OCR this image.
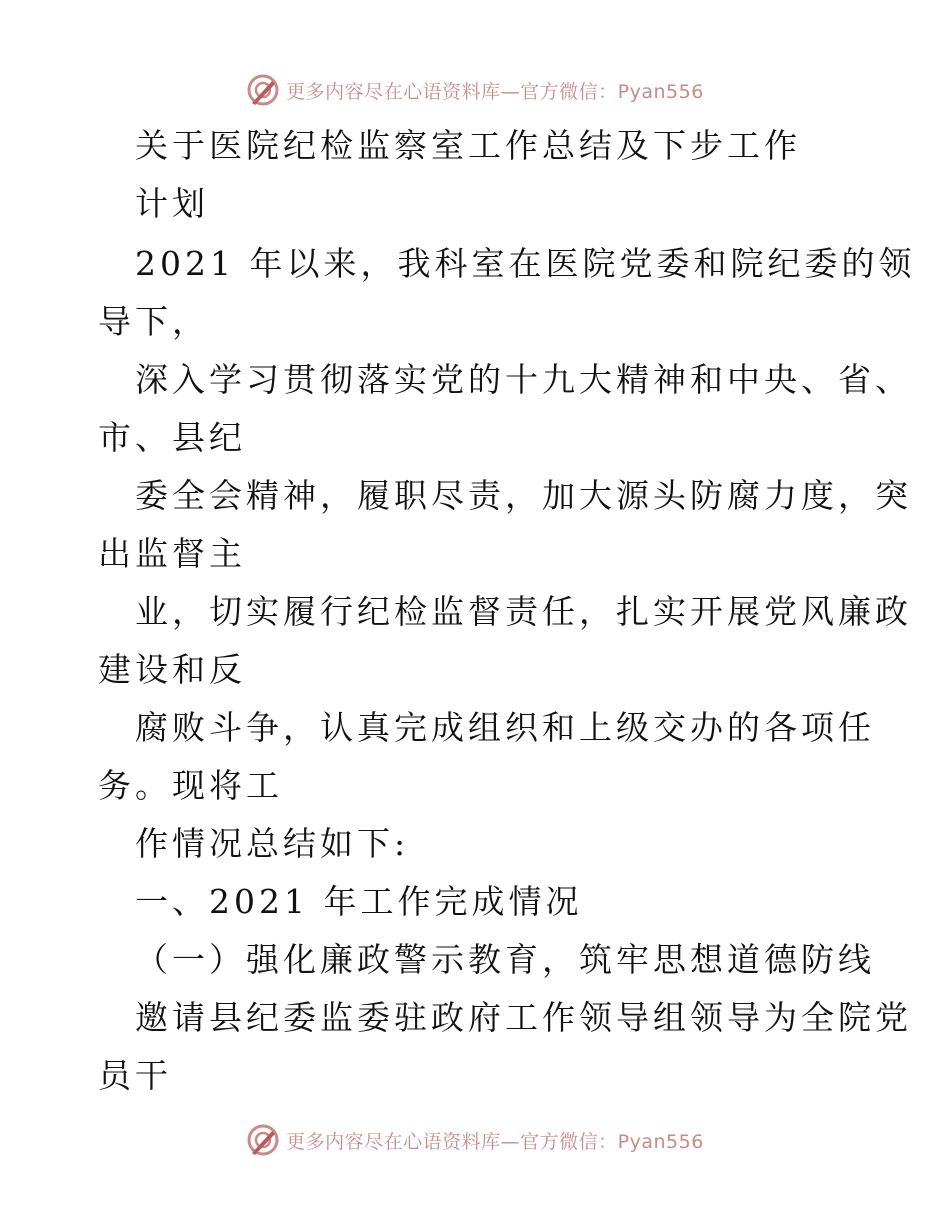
更多内容尽在心语资料库—官方微信：Pyan556
关于医院纪检监察室工作总结及下步工作
计划
2021 年以来，我科室在医院党委和院纪委的领
导下，
深入学习贯彻落实党的十九大精神和中央、省、
市、县纪
委全会精神，履职尽责，加大源头防腐力度，突
出监督主
业，切实履行纪检监督责任，扎实开展党风廉政
建设和反
腐败斗争，认真完成组织和上级交办的各项任
务。现将工
作情况总结如下:
一、2021 年工作完成情况
（一）强化廉政警示教育，筑牢思想道德防线
邀请县纪委监委驻政府工作领导组领导为全院党
员干
更多内容尽在心语资料库—官方微信：Pyan556
